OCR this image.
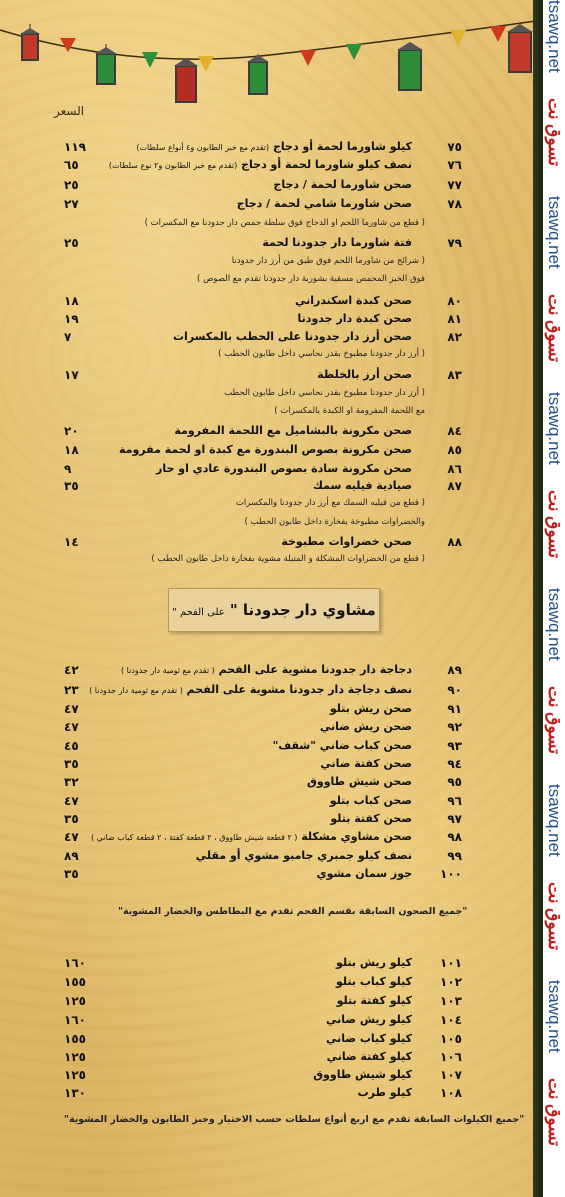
السعر
٧٥
كيلو شاورما لحمة أو دجاج (تقدم مع خبز الطابون و٤ أنواع سلطات)
١١٩
٧٦
نصف كيلو شاورما لحمة أو دجاج (تقدم مع خبز الطابون و٢ نوع سلطات)
٦٥
٧٧
صحن شاورما لحمة / دجاج
٢٥
٧٨
صحن شاورما شامي لحمة / دجاج
٢٧
( قطع من شاورما اللحم او الدجاج فوق سلطة حمص دار جدودنا مع المكسرات )
٧٩
فتة شاورما دار جدودنا لحمة
٢٥
( شرائح من شاورما اللحم فوق طبق من أرز دار جدودنا
فوق الخبز المحمص مسقية بشوربة دار جدودنا تقدم مع الصوص )
٨٠
صحن كبدة اسكندراني
١٨
٨١
صحن كبدة دار جدودنا
١٩
٨٢
صحن أرز دار جدودنا على الحطب بالمكسرات
٧
( أرز دار جدودنا مطبوخ بقدر نحاسي داخل طابون الحطب )
٨٣
صحن أرز بالخلطة
١٧
( أرز دار جدودنا مطبوخ بقدر نحاسي داخل طابون الحطب
مع اللحمة المفرومة او الكبدة بالمكسرات )
٨٤
صحن مكرونة بالبشاميل مع اللحمة المفرومة
٢٠
٨٥
صحن مكرونة بصوص البندورة مع كبدة او لحمة مفرومة
١٨
٨٦
صحن مكرونة سادة بصوص البندورة عادي او حار
٩
٨٧
صيادية فيليه سمك
٣٥
( قطع من فيليه السمك مع أرز دار جدودنا والمكسرات
والخضراوات مطبوخة بفخارة داخل طابون الحطب )
٨٨
صحن خضراوات مطبوخة
١٤
( قطع من الخضراوات المشكلة و المتبلة مشوية بفخارة داخل طابون الحطب )
مشاوي دار جدودنا " على الفحم "
٨٩
دجاجة دار جدودنا مشوية على الفحم ( تقدم مع ثومية دار جدودنا )
٤٢
٩٠
نصف دجاجة دار جدودنا مشوية على الفحم ( تقدم مع ثومية دار جدودنا )
٢٣
٩١
صحن ريش بتلو
٤٧
٩٢
صحن ريش ضاني
٤٧
٩٣
صحن كباب ضاني "شقف"
٤٥
٩٤
صحن كفتة ضاني
٣٥
٩٥
صحن شيش طاووق
٣٢
٩٦
صحن كباب بتلو
٤٧
٩٧
صحن كفتة بتلو
٣٥
٩٨
صحن مشاوي مشكلة ( ٢ قطعة شيش طاووق ، ٢ قطعة كفتة ، ٢ قطعة كباب ضاني )
٤٧
٩٩
نصف كيلو جمبري جامبو مشوي أو مقلي
٨٩
١٠٠
جوز سمان مشوي
٣٥
"جميع الصحون السابقة بقسم الفحم تقدم مع البطاطس والخضار المشوية"
١٠١
كيلو ريش بتلو
١٦٠
١٠٢
كيلو كباب بتلو
١٥٥
١٠٣
كيلو كفتة بتلو
١٢٥
١٠٤
كيلو ريش ضاني
١٦٠
١٠٥
كيلو كباب ضاني
١٥٥
١٠٦
كيلو كفتة ضاني
١٢٥
١٠٧
كيلو شيش طاووق
١٢٥
١٠٨
كيلو طرب
١٣٠
"جميع الكيلوات السابقة تقدم مع اربع أنواع سلطات حسب الاختيار وخبز الطابون والخضار المشوية"
tsawq.net
تسوق نت
tsawq.net
تسوق نت
tsawq.net
تسوق نت
tsawq.net
تسوق نت
tsawq.net
تسوق نت
tsawq.net
تسوق نت
